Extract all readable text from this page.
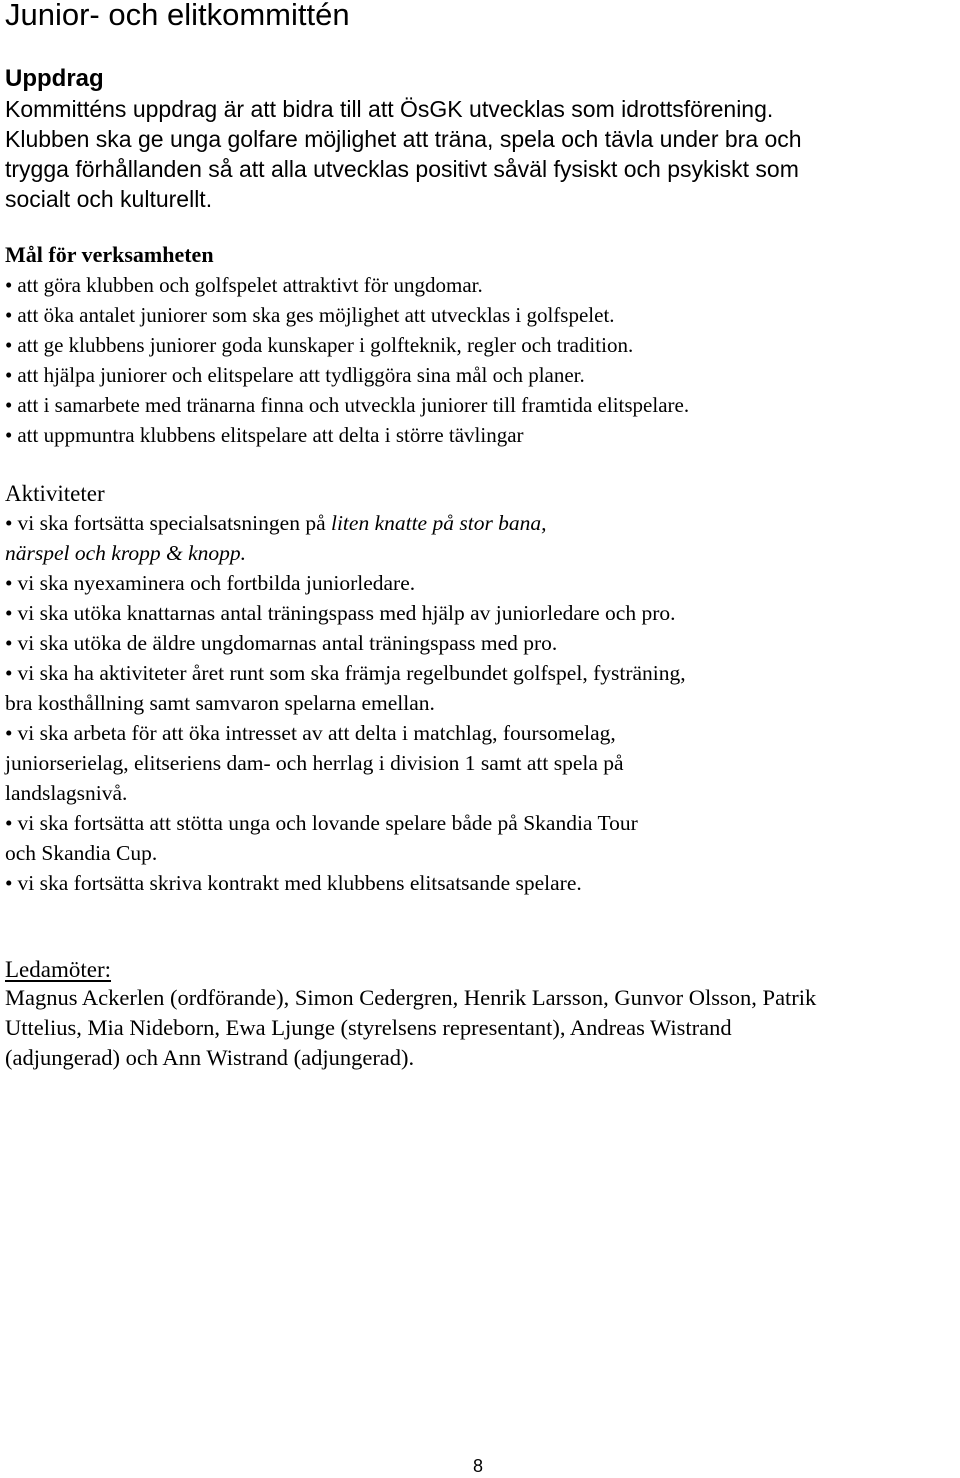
Junior- och elitkommittén
Uppdrag

Kommitténs uppdrag är att bidra till att ÖsGK utvecklas som idrottsförening.
Klubben ska ge unga golfare möjlighet att träna, spela och tävla under bra och
trygga förhållanden så att alla utvecklas positivt såväl fysiskt och psykiskt som
socialt och kulturellt.

Mål för verksamheten
• att göra klubben och golfspelet attraktivt för ungdomar.
• att öka antalet juniorer som ska ges möjlighet att utvecklas i golfspelet.
• att ge klubbens juniorer goda kunskaper i golfteknik, regler och tradition.
• att hjälpa juniorer och elitspelare att tydliggöra sina mål och planer.
• att i samarbete med tränarna finna och utveckla juniorer till framtida elitspelare.
• att uppmuntra klubbens elitspelare att delta i större tävlingar
Aktiviteter
• vi ska fortsätta specialsatsningen på liten knatte på stor bana,
närspel och kropp & knopp.
• vi ska nyexaminera och fortbilda juniorledare.
• vi ska utöka knattarnas antal träningspass med hjälp av juniorledare och pro.
• vi ska utöka de äldre ungdomarnas antal träningspass med pro.
• vi ska ha aktiviteter året runt som ska främja regelbundet golfspel, fysträning,
bra kosthållning samt samvaron spelarna emellan.
• vi ska arbeta för att öka intresset av att delta i matchlag, foursomelag,
juniorserielag, elitseriens dam- och herrlag i division 1 samt att spela på
landslagsnivå.
• vi ska fortsätta att stötta unga och lovande spelare både på Skandia Tour
och Skandia Cup.
• vi ska fortsätta skriva kontrakt med klubbens elitsatsande spelare.
Ledamöter:

Magnus Ackerlen (ordförande), Simon Cedergren, Henrik Larsson, Gunvor Olsson, Patrik
Uttelius, Mia Nideborn, Ewa Ljunge (styrelsens representant), Andreas Wistrand
(adjungerad) och Ann Wistrand (adjungerad).

8
